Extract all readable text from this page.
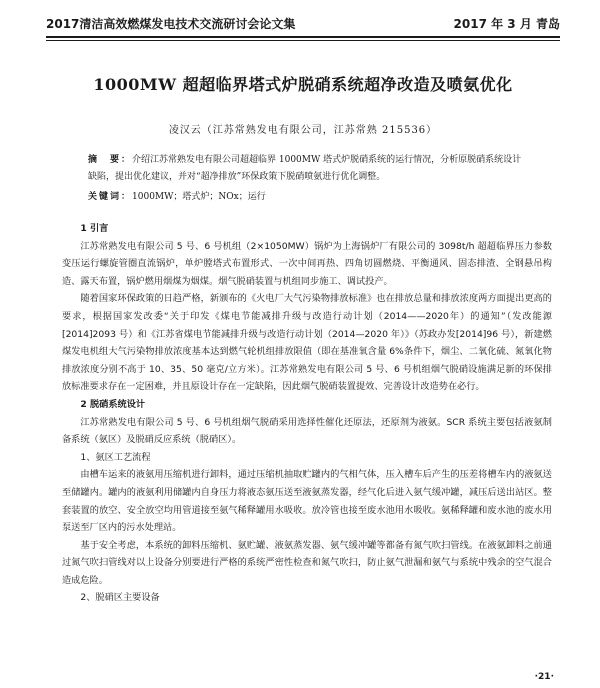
2017清洁高效燃煤发电技术交流研讨会论文集	2017 年 3 月 青岛
1000MW 超超临界塔式炉脱硝系统超净改造及喷氨优化
凌汉云（江苏常熟发电有限公司，江苏常熟 215536）
摘　要：介绍江苏常熟发电有限公司超超临界 1000MW 塔式炉脱硝系统的运行情况，分析原脱硝系统设计缺陷，提出优化建议，并对“超净排放”环保政策下脱硝喷氨进行优化调整。
关键词：1000MW；塔式炉；NOx；运行
1 引言

江苏常熟发电有限公司 5 号、6 号机组（2×1050MW）锅炉为上海锅炉厂有限公司的 3098t/h 超超临界压力参数变压运行螺旋管圈直流锅炉，单炉膛塔式布置形式、一次中间再热、四角切圆燃烧、平衡通风、固态排渣、全钢悬吊构造、露天布置，锅炉燃用烟煤为烟煤。烟气脱硝装置与机组同步施工、调试投产。

随着国家环保政策的日趋严格，新颁布的《火电厂大气污染物排放标准》也在排放总量和排放浓度两方面提出更高的要求，根据国家发改委“关于印发《煤电节能减排升级与改造行动计划（2014——2020年）的通知”（发改能源[2014]2093 号）和《江苏省煤电节能减排升级与改造行动计划（2014—2020 年）》（苏政办发[2014]96 号），新建燃煤发电机组大气污染物排放浓度基本达到燃气轮机组排放限值（即在基准氧含量 6%条件下，烟尘、二氧化硫、氮氧化物排放浓度分别不高于 10、35、50 毫克/立方米）。江苏常熟发电有限公司 5 号、6 号机组烟气脱硝设施满足新的环保排放标准要求存在一定困难，并且原设计存在一定缺陷，因此烟气脱硝装置提效、完善设计改造势在必行。

2 脱硝系统设计

江苏常熟发电有限公司 5 号、6 号机组烟气脱硝采用选择性催化还原法，还原剂为液氨。SCR 系统主要包括液氨制备系统（氨区）及脱硝反应系统（脱硝区）。

1、氨区工艺流程

由槽车运来的液氨用压缩机进行卸料，通过压缩机抽取贮罐内的气相气体，压入槽车后产生的压差将槽车内的液氨送至储罐内。罐内的液氨利用储罐内自身压力将液态氨压送至液氨蒸发器，经气化后进入氨气缓冲罐，减压后送出站区。整套装置的放空、安全放空均用管道接至氨气稀释罐用水吸收。放冷管也接至废水池用水吸收。氨稀释罐和废水池的废水用泵送至厂区内的污水处理站。

基于安全考虑，本系统的卸料压缩机、氨贮罐、液氨蒸发器、氨气缓冲罐等都备有氮气吹扫管线。在液氨卸料之前通过氮气吹扫管线对以上设备分别要进行严格的系统严密性检查和氮气吹扫，防止氨气泄漏和氨气与系统中残余的空气混合造成危险。

2、脱硝区主要设备
·21·
